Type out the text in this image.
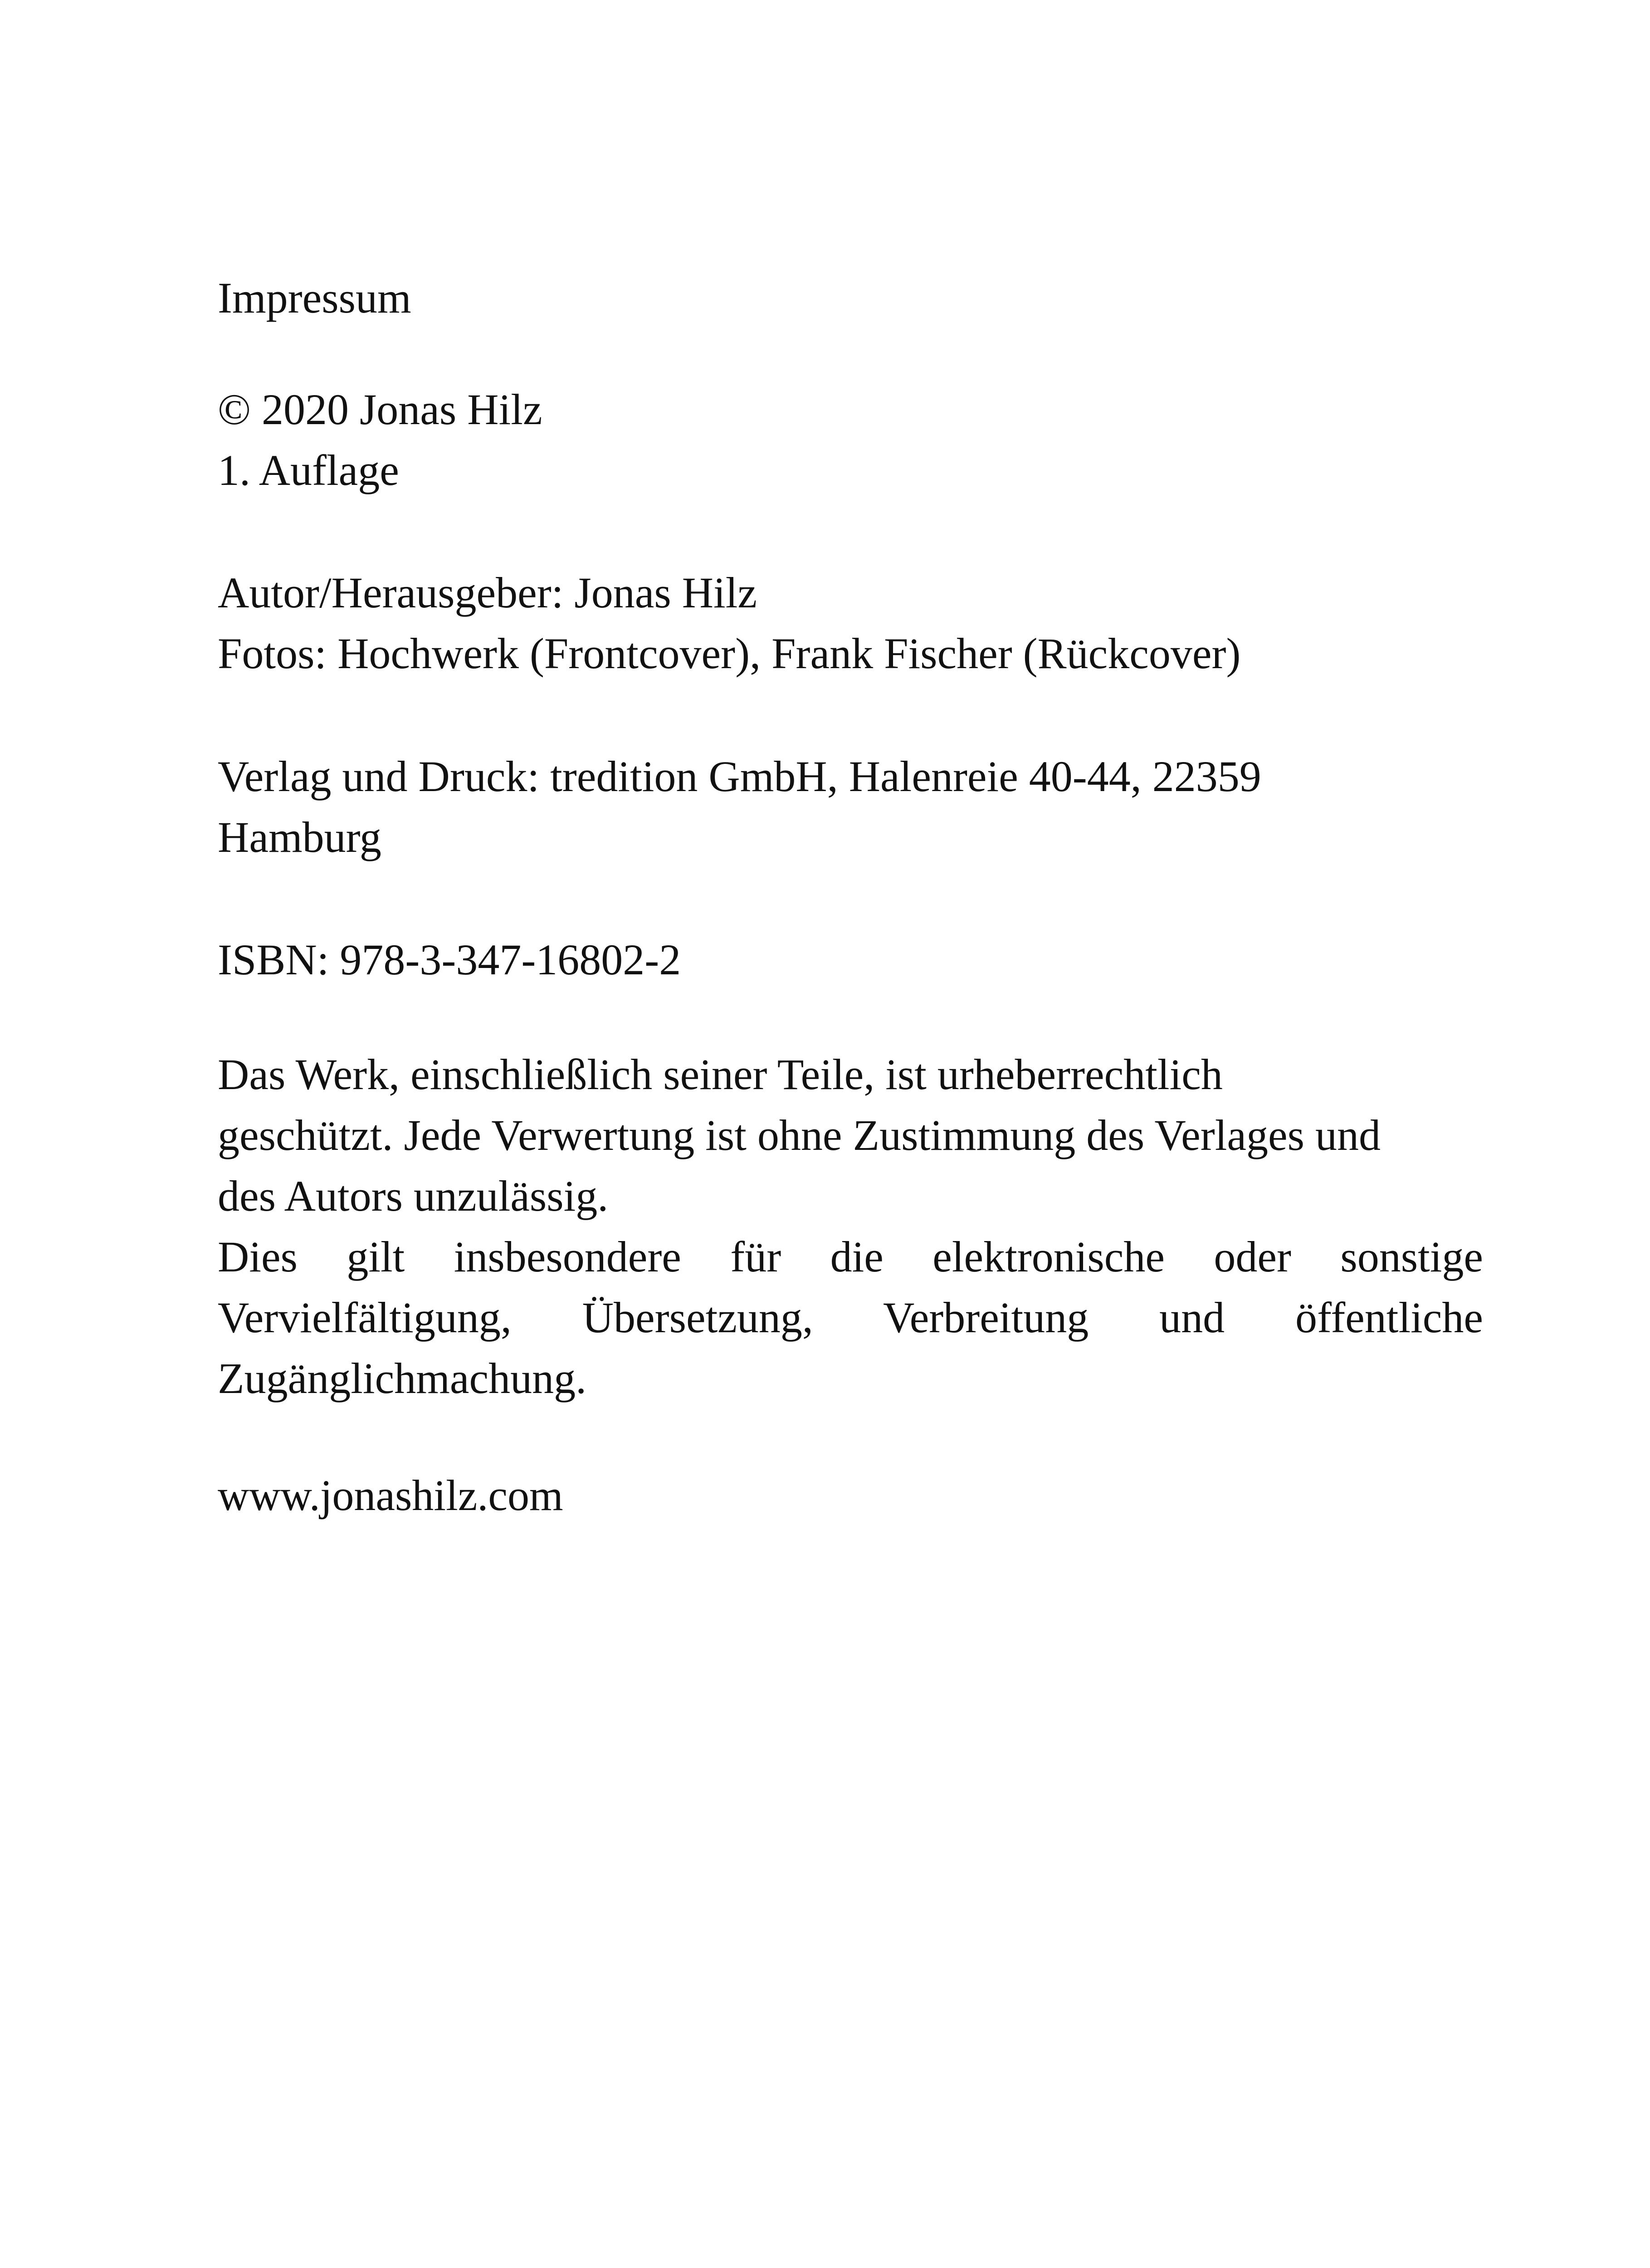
Impressum

© 2020 Jonas Hilz
1. Auflage

Autor/Herausgeber: Jonas Hilz
Fotos: Hochwerk (Frontcover), Frank Fischer (Rückcover)

Verlag und Druck: tredition GmbH, Halenreie 40-44, 22359
Hamburg

ISBN: 978-3-347-16802-2

Das Werk, einschließlich seiner Teile, ist urheberrechtlich
geschützt. Jede Verwertung ist ohne Zustimmung des Verlages und
des Autors unzulässig.
Dies gilt insbesondere für die elektronische oder sonstige
Vervielfältigung, Übersetzung, Verbreitung und öffentliche
Zugänglichmachung.

www.jonashilz.com
